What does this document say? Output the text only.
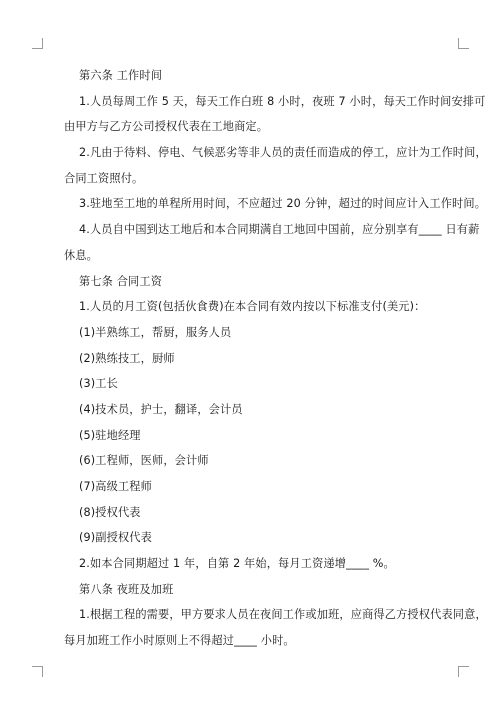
第六条 工作时间
1.人员每周工作 5 天，每天工作白班 8 小时，夜班 7 小时，每天工作时间安排可
由甲方与乙方公司授权代表在工地商定。
2.凡由于待料、停电、气候恶劣等非人员的责任而造成的停工，应计为工作时间，
合同工资照付。
3.驻地至工地的单程所用时间，不应超过 20 分钟，超过的时间应计入工作时间。
4.人员自中国到达工地后和本合同期满自工地回中国前，应分别享有____ 日有薪
休息。
第七条 合同工资
1.人员的月工资(包括伙食费)在本合同有效内按以下标准支付(美元)：
(1)半熟练工，帮厨，服务人员
(2)熟练技工，厨师
(3)工长
(4)技术员，护士，翻译，会计员
(5)驻地经理
(6)工程师，医师，会计师
(7)高级工程师
(8)授权代表
(9)副授权代表
2.如本合同期超过 1 年，自第 2 年始，每月工资递增____ %。
第八条 夜班及加班
1.根据工程的需要，甲方要求人员在夜间工作或加班，应商得乙方授权代表同意，
每月加班工作小时原则上不得超过____ 小时。
